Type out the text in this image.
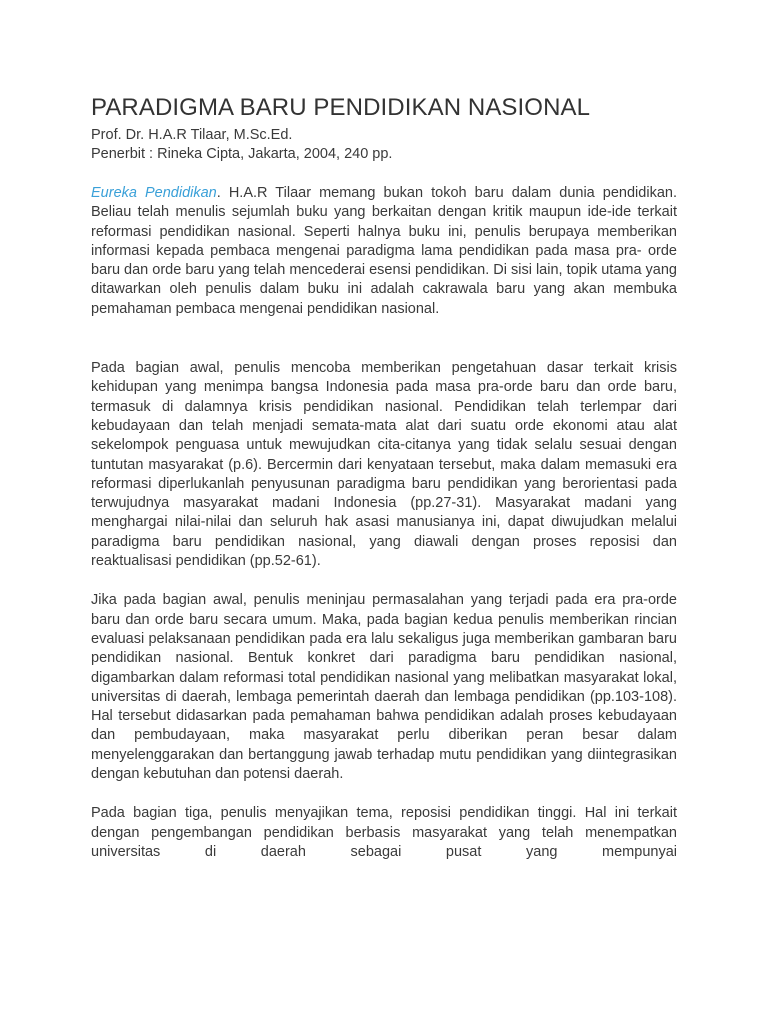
PARADIGMA BARU PENDIDIKAN NASIONAL

Prof. Dr. H.A.R Tilaar, M.Sc.Ed.

Penerbit : Rineka Cipta, Jakarta, 2004, 240 pp.

Eureka Pendidikan. H.A.R Tilaar memang bukan tokoh baru dalam dunia pendidikan. Beliau telah menulis sejumlah buku yang berkaitan dengan kritik maupun ide-ide terkait reformasi pendidikan nasional. Seperti halnya buku ini, penulis berupaya memberikan informasi kepada pembaca mengenai paradigma lama pendidikan pada masa pra- orde baru dan orde baru yang telah mencederai esensi pendidikan. Di sisi lain, topik utama yang ditawarkan oleh penulis dalam buku ini adalah cakrawala baru yang akan membuka pemahaman pembaca mengenai pendidikan nasional.

Pada bagian awal, penulis mencoba memberikan pengetahuan dasar terkait krisis kehidupan yang menimpa bangsa Indonesia pada masa pra-orde baru dan orde baru, termasuk di dalamnya krisis pendidikan nasional. Pendidikan telah terlempar dari kebudayaan dan telah menjadi semata-mata alat dari suatu orde ekonomi atau alat sekelompok penguasa untuk mewujudkan cita-citanya yang tidak selalu sesuai dengan tuntutan masyarakat (p.6). Bercermin dari kenyataan tersebut, maka dalam memasuki era reformasi diperlukanlah penyusunan paradigma baru pendidikan yang berorientasi pada terwujudnya masyarakat madani Indonesia (pp.27-31). Masyarakat madani yang menghargai nilai-nilai dan seluruh hak asasi manusianya ini, dapat diwujudkan melalui paradigma baru pendidikan nasional, yang diawali dengan proses reposisi dan reaktualisasi pendidikan (pp.52-61).

Jika pada bagian awal, penulis meninjau permasalahan yang terjadi pada era pra-orde baru dan orde baru secara umum. Maka, pada bagian kedua penulis memberikan rincian evaluasi pelaksanaan pendidikan pada era lalu sekaligus juga memberikan gambaran baru pendidikan nasional. Bentuk konkret dari paradigma baru pendidikan nasional, digambarkan dalam reformasi total pendidikan nasional yang melibatkan masyarakat lokal, universitas di daerah, lembaga pemerintah daerah dan lembaga pendidikan (pp.103-108). Hal tersebut didasarkan pada pemahaman bahwa pendidikan adalah proses kebudayaan dan pembudayaan, maka masyarakat perlu diberikan peran besar dalam menyelenggarakan dan bertanggung jawab terhadap mutu pendidikan yang diintegrasikan dengan kebutuhan dan potensi daerah.

Pada bagian tiga, penulis menyajikan tema, reposisi pendidikan tinggi. Hal ini terkait dengan pengembangan pendidikan berbasis masyarakat yang telah menempatkan universitas di daerah sebagai pusat yang mempunyai
